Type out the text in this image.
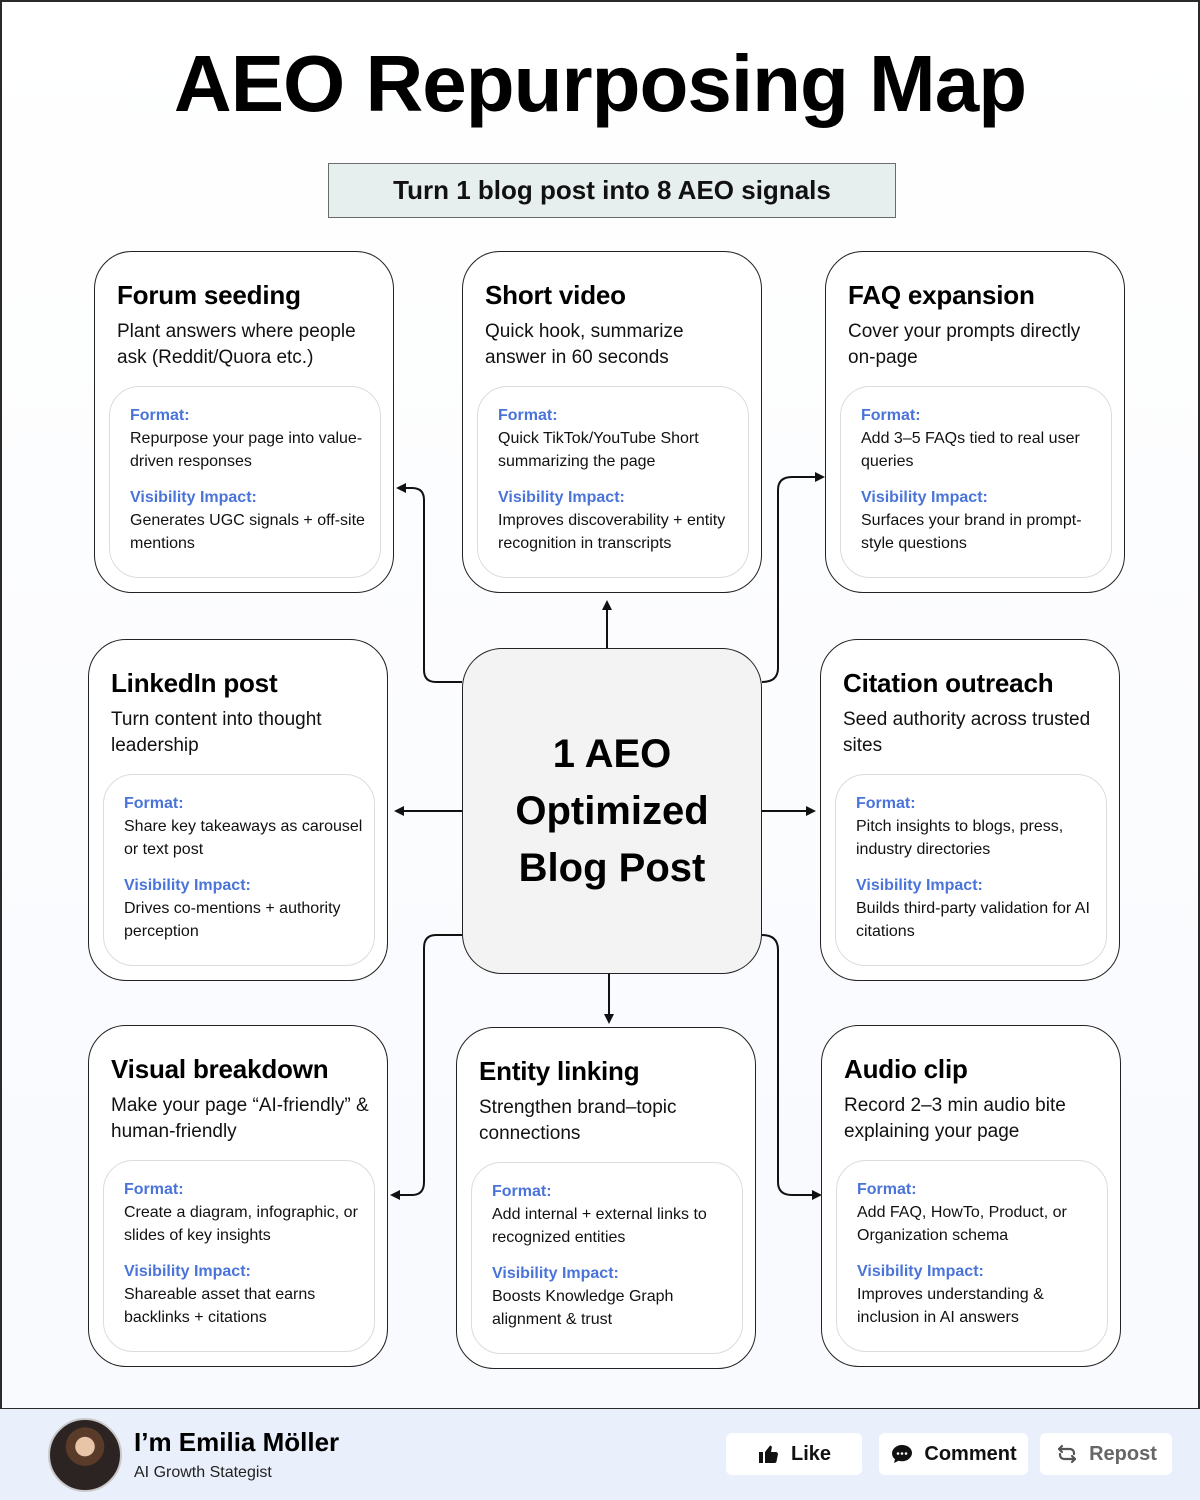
AEO Repurposing Map
Turn 1 blog post into 8 AEO signals
Forum seeding
Plant answers where people ask (Reddit/Quora etc.)
Format:
Repurpose your page into value-driven responses
Visibility Impact:
Generates UGC signals + off-site mentions
Short video
Quick hook, summarize answer in 60 seconds
Format:
Quick TikTok/YouTube Short summarizing the page
Visibility Impact:
Improves discoverability + entity recognition in transcripts
FAQ expansion
Cover your prompts directly on-page
Format:
Add 3–5 FAQs tied to real user queries
Visibility Impact:
Surfaces your brand in prompt-style questions
LinkedIn post
Turn content into thought leadership
Format:
Share key takeaways as carousel or text post
Visibility Impact:
Drives co-mentions + authority perception
1 AEO Optimized Blog Post
Citation outreach
Seed authority across trusted sites
Format:
Pitch insights to blogs, press, industry directories
Visibility Impact:
Builds third-party validation for AI citations
Visual breakdown
Make your page “AI-friendly” & human-friendly
Format:
Create a diagram, infographic, or slides of key insights
Visibility Impact:
Shareable asset that earns backlinks + citations
Entity linking
Strengthen brand–topic connections
Format:
Add internal + external links to recognized entities
Visibility Impact:
Boosts Knowledge Graph alignment & trust
Audio clip
Record 2–3 min audio bite explaining your page
Format:
Add FAQ, HowTo, Product, or Organization schema
Visibility Impact:
Improves understanding & inclusion in AI answers
I’m Emilia Möller
AI Growth Stategist
Like	Comment	Repost
